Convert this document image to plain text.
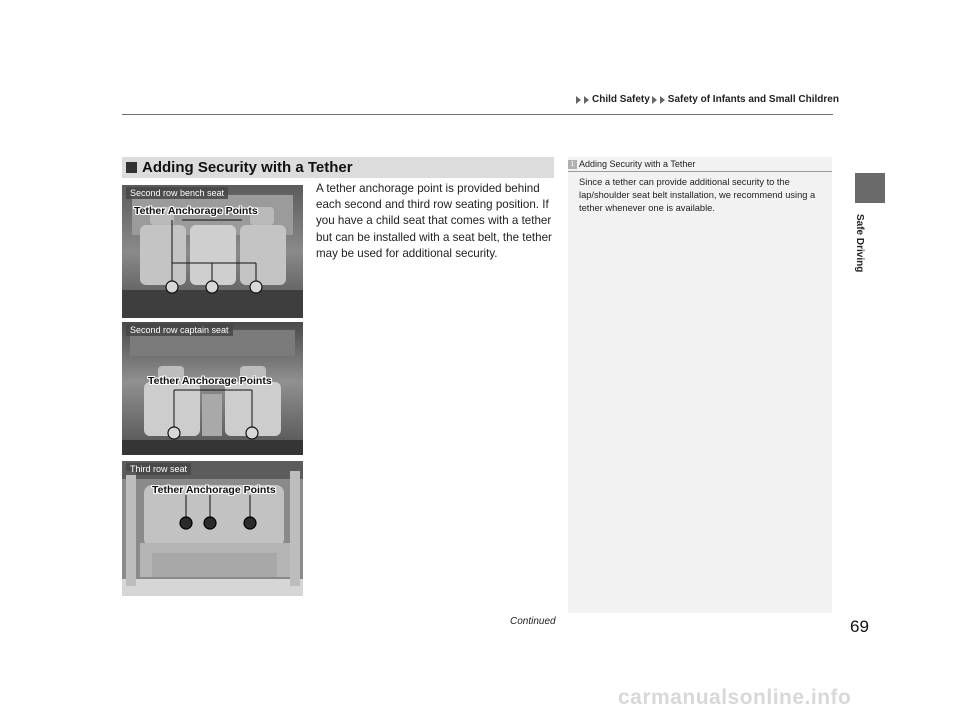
Child Safety Safety of Infants and Small Children
Safe Driving
Adding Security with a Tether
A tether anchorage point is provided behind each second and third row seating position. If you have a child seat that comes with a tether but can be installed with a seat belt, the tether may be used for additional security.
1 Adding Security with a Tether
Since a tether can provide additional security to the lap/shoulder seat belt installation, we recommend using a tether whenever one is available.
Second row bench seat
Tether Anchorage Points
Second row captain seat
Tether Anchorage Points
Third row seat
Tether Anchorage Points
Continued	69
carmanualsonline.info
